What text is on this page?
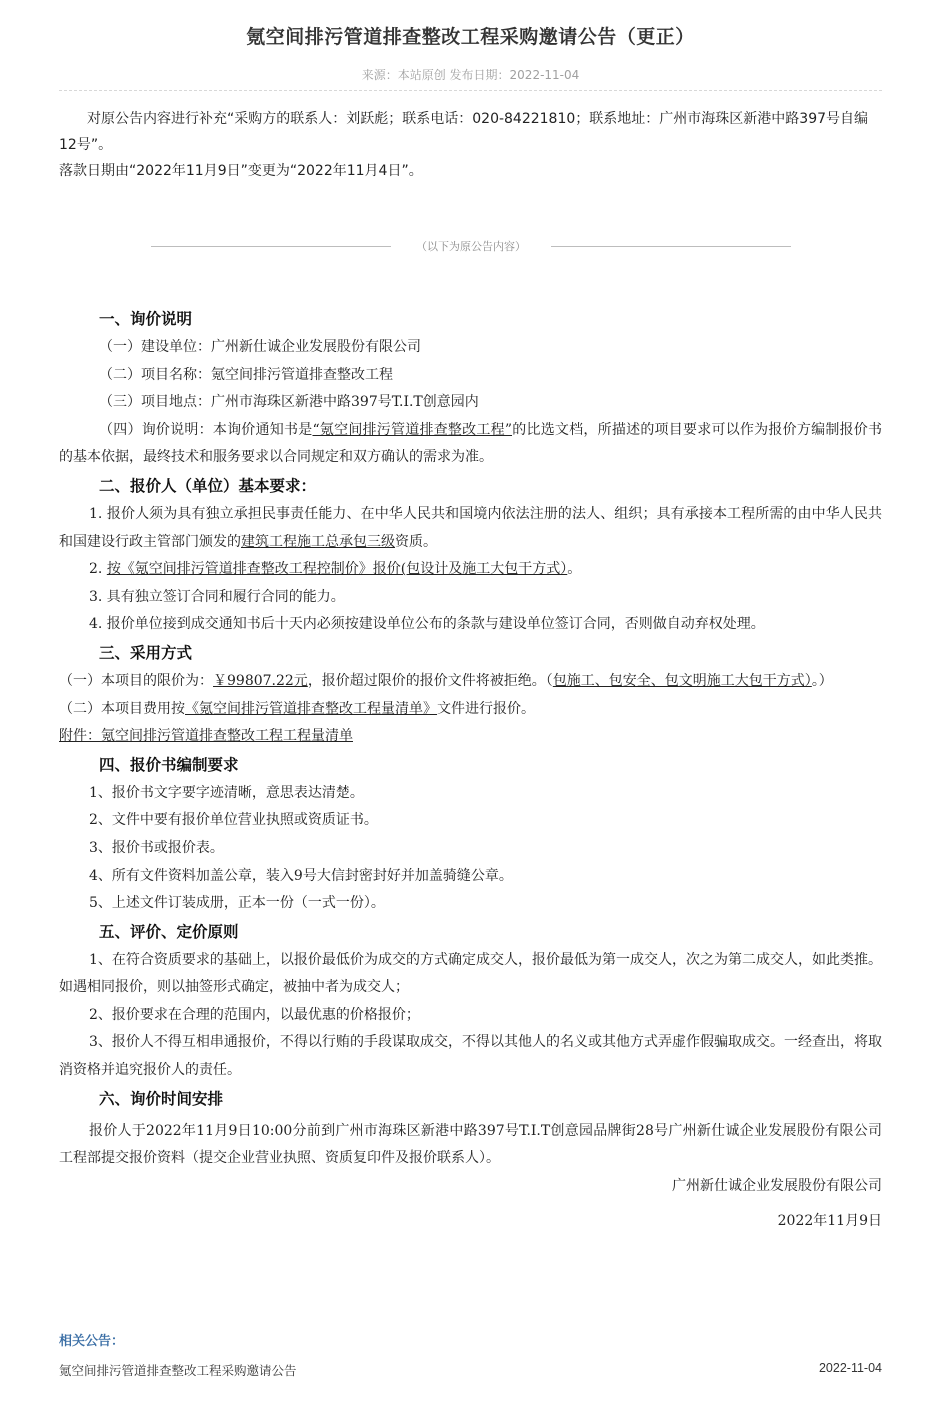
氪空间排污管道排查整改工程采购邀请公告（更正）
来源：本站原创 发布日期：2022-11-04

对原公告内容进行补充“采购方的联系人：刘跃彪；联系电话：020-84221810；联系地址：广州市海珠区新港中路397号自编12号”。

落款日期由“2022年11月9日”变更为“2022年11月4日”。

（以下为原公告内容）
一、询价说明
（一）建设单位：广州新仕诚企业发展股份有限公司
（二）项目名称：氪空间排污管道排查整改工程
（三）项目地点：广州市海珠区新港中路397号T.I.T创意园内
（四）询价说明：本询价通知书是“氪空间排污管道排查整改工程”的比选文档，所描述的项目要求可以作为报价方编制报价书的基本依据，最终技术和服务要求以合同规定和双方确认的需求为准。
二、报价人（单位）基本要求：
1. 报价人须为具有独立承担民事责任能力、在中华人民共和国境内依法注册的法人、组织；具有承接本工程所需的由中华人民共和国建设行政主管部门颁发的建筑工程施工总承包三级资质。
2. 按《氪空间排污管道排查整改工程控制价》报价(包设计及施工大包干方式）。
3. 具有独立签订合同和履行合同的能力。
4. 报价单位接到成交通知书后十天内必须按建设单位公布的条款与建设单位签订合同，否则做自动弃权处理。
三、采用方式
（一）本项目的限价为：￥99807.22元，报价超过限价的报价文件将被拒绝。（包施工、包安全、包文明施工大包干方式）。）
（二）本项目费用按《氪空间排污管道排查整改工程量清单》文件进行报价。
附件：氪空间排污管道排查整改工程工程量清单
四、报价书编制要求
1、报价书文字要字迹清晰，意思表达清楚。
2、文件中要有报价单位营业执照或资质证书。
3、报价书或报价表。
4、所有文件资料加盖公章，装入9号大信封密封好并加盖骑缝公章。
5、上述文件订装成册，正本一份（一式一份）。
五、评价、定价原则
1、在符合资质要求的基础上，以报价最低价为成交的方式确定成交人，报价最低为第一成交人，次之为第二成交人，如此类推。如遇相同报价，则以抽签形式确定，被抽中者为成交人；
2、报价要求在合理的范围内，以最优惠的价格报价；
3、报价人不得互相串通报价，不得以行贿的手段谋取成交，不得以其他人的名义或其他方式弄虚作假骗取成交。一经查出，将取消资格并追究报价人的责任。
六、询价时间安排
报价人于2022年11月9日10:00分前到广州市海珠区新港中路397号T.I.T创意园品牌街28号广州新仕诚企业发展股份有限公司工程部提交报价资料（提交企业营业执照、资质复印件及报价联系人）。
广州新仕诚企业发展股份有限公司
2022年11月9日
相关公告：
氪空间排污管道排查整改工程采购邀请公告	2022-11-04
